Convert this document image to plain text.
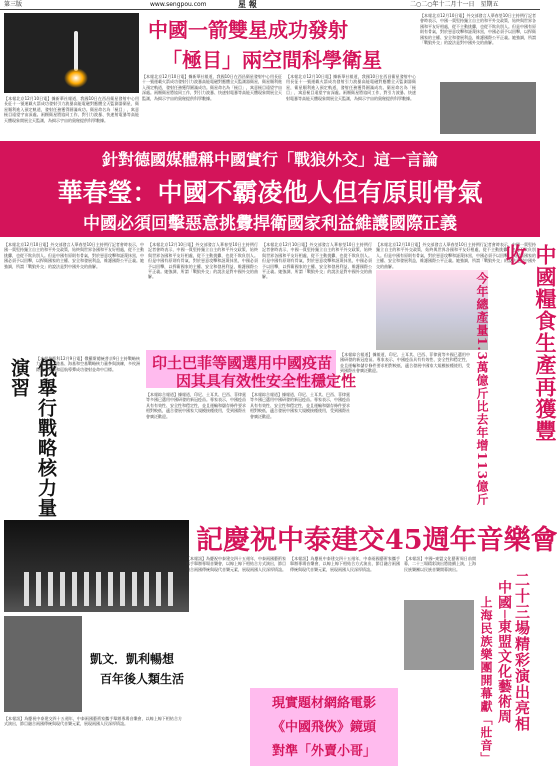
第三版	www.sengpou.com	星 報	二○二○年十二月十一日　星期五
中國一箭雙星成功發射
「極目」兩空間科學衛星
【本報北京12月10日電】據新華社報道，我國10日在西昌衛星發射中心用長征十一號運載火箭成功發射引力波暴高能電磁對應體全天監測器衛星，衛星順利進入預定軌道，發射任務獲得圓滿成功。衛星命名為「極目」，寓意極目遠望宇宙深處。兩顆衛星將協同工作，對引力波暴、快速射電暴等高能天體現象開展全天監測，為揭示宇宙的奧秘提供科學數據。
【本報北京12月10日電】據新華社報道，我國10日在西昌衛星發射中心用長征十一號運載火箭成功發射引力波暴高能電磁對應體全天監測器衛星，衛星順利進入預定軌道，發射任務獲得圓滿成功。衛星命名為「極目」，寓意極目遠望宇宙深處。兩顆衛星將協同工作，對引力波暴、快速射電暴等高能天體現象開展全天監測，為揭示宇宙的奧秘提供科學數據。
【本報北京12月10日電】據新華社報道，我國10日在西昌衛星發射中心用長征十一號運載火箭成功發射引力波暴高能電磁對應體全天監測器衛星，衛星順利進入預定軌道，發射任務獲得圓滿成功。衛星命名為「極目」，寓意極目遠望宇宙深處。兩顆衛星將協同工作，對引力波暴、快速射電暴等高能天體現象開展全天監測，為揭示宇宙的奧秘提供科學數據。
【本報北京12月10日電】外交部發言人華春瑩10日主持例行記者會時表示，中國一貫堅持獨立自主的和平外交政策，始終與世界各國和平友好相處，從不主動挑釁，也從不欺負別人。但是中國有原則有骨氣，對於惡意攻擊和誣蔑抹黑，中國必須予以回擊，以捍衛國家的主權、安全和發展利益，維護國際公平正義。她強調，所謂「戰狼外交」的說法是對中國外交的曲解。
針對德國媒體稱中國實行「戰狼外交」這一言論
華春瑩：中國不霸凌他人但有原則骨氣
中國必須回擊惡意挑釁捍衛國家利益維護國際正義
【本報北京12月10日電】外交部發言人華春瑩10日主持例行記者會時表示，中國一貫堅持獨立自主的和平外交政策，始終與世界各國和平友好相處，從不主動挑釁，也從不欺負別人。但是中國有原則有骨氣，對於惡意攻擊和誣蔑抹黑，中國必須予以回擊，以捍衛國家的主權、安全和發展利益，維護國際公平正義。她強調，所謂「戰狼外交」的說法是對中國外交的曲解。
【本報北京12月10日電】外交部發言人華春瑩10日主持例行記者會時表示，中國一貫堅持獨立自主的和平外交政策，始終與世界各國和平友好相處，從不主動挑釁，也從不欺負別人。但是中國有原則有骨氣，對於惡意攻擊和誣蔑抹黑，中國必須予以回擊，以捍衛國家的主權、安全和發展利益，維護國際公平正義。她強調，所謂「戰狼外交」的說法是對中國外交的曲解。
【本報北京12月10日電】外交部發言人華春瑩10日主持例行記者會時表示，中國一貫堅持獨立自主的和平外交政策，始終與世界各國和平友好相處，從不主動挑釁，也從不欺負別人。但是中國有原則有骨氣，對於惡意攻擊和誣蔑抹黑，中國必須予以回擊，以捍衛國家的主權、安全和發展利益，維護國際公平正義。她強調，所謂「戰狼外交」的說法是對中國外交的曲解。
【本報北京12月10日電】外交部發言人華春瑩10日主持例行記者會時表示，中國一貫堅持獨立自主的和平外交政策，始終與世界各國和平友好相處，從不主動挑釁，也從不欺負別人。但是中國有原則有骨氣，對於惡意攻擊和誣蔑抹黑，中國必須予以回擊，以捍衛國家的主權、安全和發展利益，維護國際公平正義。她強調，所謂「戰狼外交」的說法是對中國外交的曲解。
俄舉行戰略核力量演習	【本報莫斯科12月9日電】俄羅斯總統普京9日主持戰略核力量演習，陸基、海基和空基戰略核力量參與演練，多枚洲際彈道導彈和巡航導彈成功發射並命中目標。	印土巴菲等國選用中國疫苗
因其具有效性安全性穩定性
【本報綜合報道】據報道，印尼、土耳其、巴西、菲律賓等多國已選用中國研發的新冠疫苗。專家表示，中國疫苗具有有效性、安全性和穩定性，並且運輸和儲存條件要求相對較低，適合發展中國家大規模接種使用，受到國際社會廣泛歡迎。
【本報綜合報道】據報道，印尼、土耳其、巴西、菲律賓等多國已選用中國研發的新冠疫苗。專家表示，中國疫苗具有有效性、安全性和穩定性，並且運輸和儲存條件要求相對較低，適合發展中國家大規模接種使用，受到國際社會廣泛歡迎。
【本報綜合報道】據報道，印尼、土耳其、巴西、菲律賓等多國已選用中國研發的新冠疫苗。專家表示，中國疫苗具有有效性、安全性和穩定性，並且運輸和儲存條件要求相對較低，適合發展中國家大規模接種使用，受到國際社會廣泛歡迎。	中國糧食生產再獲豐收
今年總產量1.3萬億斤比去年增113億斤
記慶祝中泰建交45週年音樂會
凱文．凱利暢想
百年後人類生活
【本報訊】為慶祝中泰建交四十五週年，中泰兩國藝術家攜手舉辦專場音樂會，以線上線下相結合方式演出，節目融合兩國傳統與現代音樂元素，展現兩國人民深厚情誼。
【本報訊】為慶祝中泰建交四十五週年，中泰兩國藝術家攜手舉辦專場音樂會，以線上線下相結合方式演出，節目融合兩國傳統與現代音樂元素，展現兩國人民深厚情誼。
【本報訊】為慶祝中泰建交四十五週年，中泰兩國藝術家攜手舉辦專場音樂會，以線上線下相結合方式演出，節目融合兩國傳統與現代音樂元素，展現兩國人民深厚情誼。
現實題材網絡電影
《中國飛俠》鏡頭
對準「外賣小哥」
【本報訊】中國─東盟文化藝術周日前開幕，二十三場精彩演出將陸續上演，上海民族樂團以民族音樂開幕演出。
二十三場精彩演出亮相
中國─東盟文化藝術周
上海民族樂團開幕獻「壯音」
